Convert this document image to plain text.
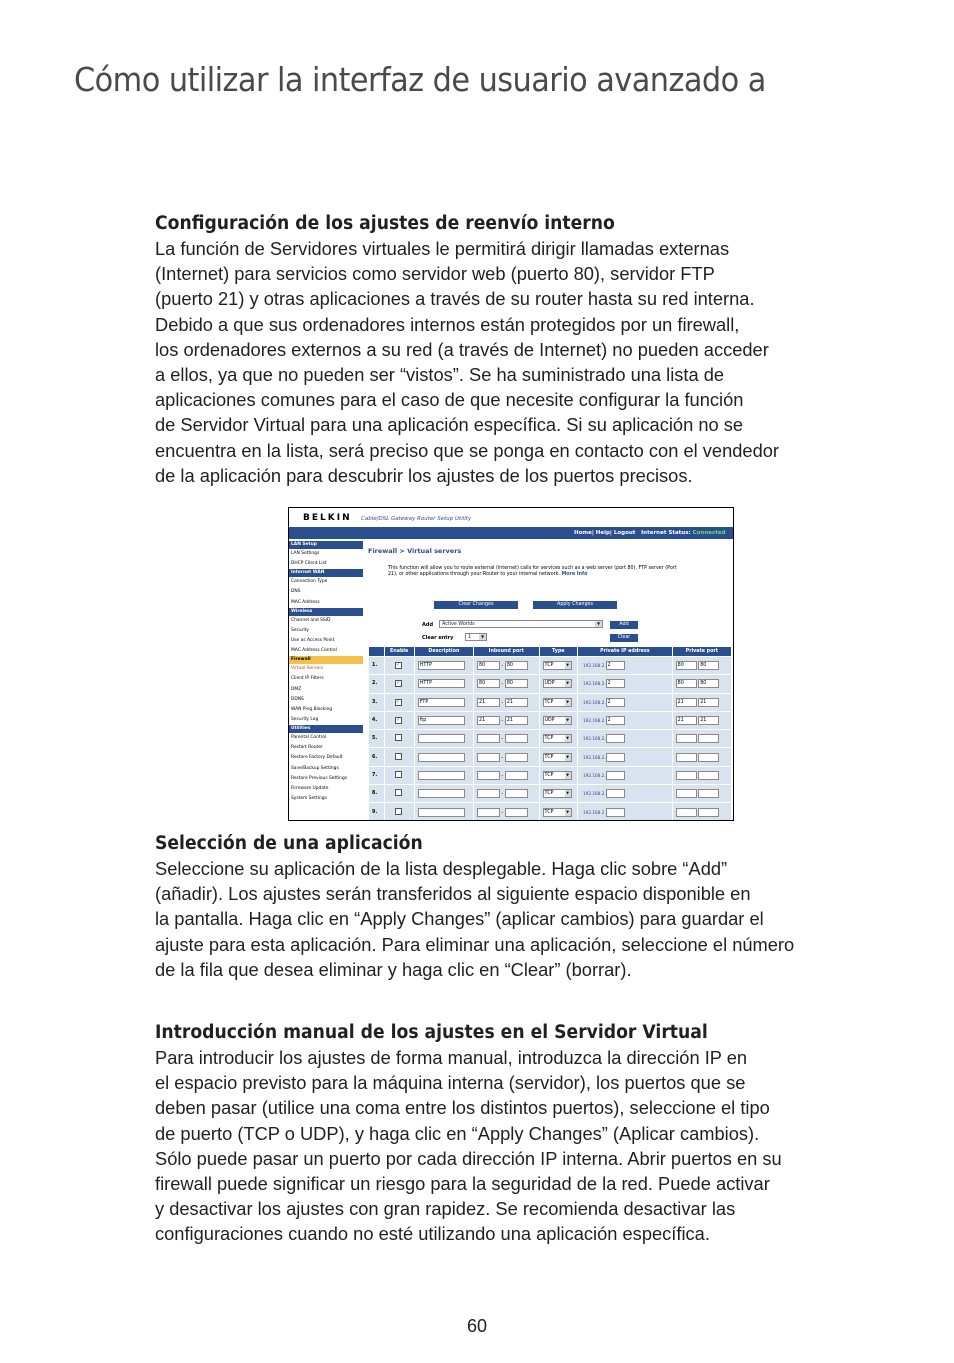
Cómo utilizar la interfaz de usuario avanzado a
Configuración de los ajustes de reenvío interno
La función de Servidores virtuales le permitirá dirigir llamadas externas
(Internet) para servicios como servidor web (puerto 80), servidor FTP
(puerto 21) y otras aplicaciones a través de su router hasta su red interna.
Debido a que sus ordenadores internos están protegidos por un firewall,
los ordenadores externos a su red (a través de Internet) no pueden acceder
a ellos, ya que no pueden ser “vistos”. Se ha suministrado una lista de
aplicaciones comunes para el caso de que necesite configurar la función
de Servidor Virtual para una aplicación específica. Si su aplicación no se
encuentra en la lista, será preciso que se ponga en contacto con el vendedor
de la aplicación para descubrir los ajustes de los puertos precisos.
BELKIN Cable/DSL Gateway Router Setup Utility
Home| Help| Logout Internet Status: Connected
LAN Setup
LAN Settings
DHCP Client List
Internet WAN
Connection Type
DNS
MAC Address
Wireless
Channel and SSID
Security
Use as Access Point
MAC Address Control
Firewall
Virtual Servers
Client IP Filters
DMZ
DDNS
WAN Ping Blocking
Security Log
Utilities
Parental Control
Restart Router
Restore Factory Default
Save/Backup Settings
Restore Previous Settings
Firmware Update
System Settings
Firewall > Virtual servers
This function will allow you to route external (Internet) calls for services such as a web server (port 80), FTP server (Port 21), or other applications through your Router to your internal network. More Info
Clear Changes	Apply Changes
Add	Active Worlds	▼	Add
Clear entry	1	▼	Clear
	Enable	Description	Inbound port	Type	Private IP address	Private port
1.	✓	HTTP	80 - 80	TCP ▼	192.168.2. 2	80 80
2.	✓	HTTP	80 - 80	UDP ▼	192.168.2. 2	80 80
3.	✓	FTP	21 - 21	TCP ▼	192.168.2. 2	21 21
4.	✓	ftp	21 - 21	UDP ▼	192.168.2. 2	21 21
5.			-	TCP ▼	192.168.2.	
6.			-	TCP ▼	192.168.2.	
7.			-	TCP ▼	192.168.2.	
8.			-	TCP ▼	192.168.2.	
9.			-	TCP ▼	192.168.2.	
Selección de una aplicación
Seleccione su aplicación de la lista desplegable. Haga clic sobre “Add”
(añadir). Los ajustes serán transferidos al siguiente espacio disponible en
la pantalla. Haga clic en “Apply Changes” (aplicar cambios) para guardar el
ajuste para esta aplicación. Para eliminar una aplicación, seleccione el número
de la fila que desea eliminar y haga clic en “Clear” (borrar).
Introducción manual de los ajustes en el Servidor Virtual
Para introducir los ajustes de forma manual, introduzca la dirección IP en
el espacio previsto para la máquina interna (servidor), los puertos que se
deben pasar (utilice una coma entre los distintos puertos), seleccione el tipo
de puerto (TCP o UDP), y haga clic en “Apply Changes” (Aplicar cambios).
Sólo puede pasar un puerto por cada dirección IP interna. Abrir puertos en su
firewall puede significar un riesgo para la seguridad de la red. Puede activar
y desactivar los ajustes con gran rapidez. Se recomienda desactivar las
configuraciones cuando no esté utilizando una aplicación específica.
60
